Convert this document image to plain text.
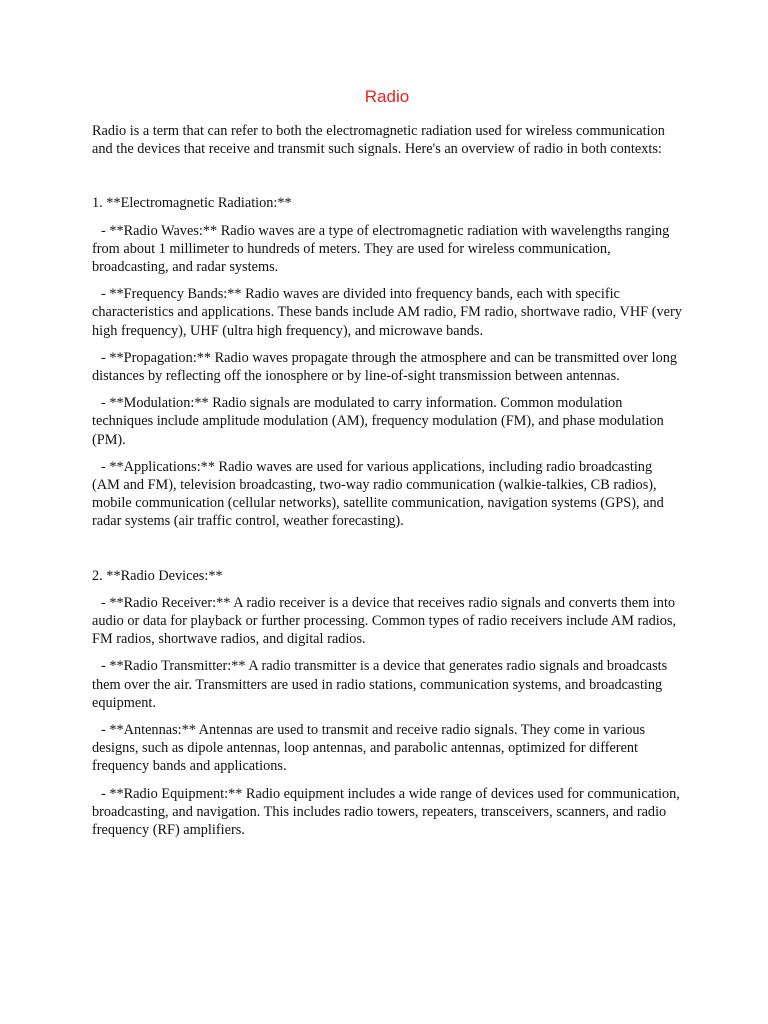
Radio

Radio is a term that can refer to both the electromagnetic radiation used for wireless communication and the devices that receive and transmit such signals. Here's an overview of radio in both contexts:

1. **Electromagnetic Radiation:**

- **Radio Waves:** Radio waves are a type of electromagnetic radiation with wavelengths ranging from about 1 millimeter to hundreds of meters. They are used for wireless communication, broadcasting, and radar systems.

- **Frequency Bands:** Radio waves are divided into frequency bands, each with specific characteristics and applications. These bands include AM radio, FM radio, shortwave radio, VHF (very high frequency), UHF (ultra high frequency), and microwave bands.

- **Propagation:** Radio waves propagate through the atmosphere and can be transmitted over long distances by reflecting off the ionosphere or by line-of-sight transmission between antennas.

- **Modulation:** Radio signals are modulated to carry information. Common modulation techniques include amplitude modulation (AM), frequency modulation (FM), and phase modulation (PM).

- **Applications:** Radio waves are used for various applications, including radio broadcasting (AM and FM), television broadcasting, two-way radio communication (walkie-talkies, CB radios), mobile communication (cellular networks), satellite communication, navigation systems (GPS), and radar systems (air traffic control, weather forecasting).

2. **Radio Devices:**

- **Radio Receiver:** A radio receiver is a device that receives radio signals and converts them into audio or data for playback or further processing. Common types of radio receivers include AM radios, FM radios, shortwave radios, and digital radios.

- **Radio Transmitter:** A radio transmitter is a device that generates radio signals and broadcasts them over the air. Transmitters are used in radio stations, communication systems, and broadcasting equipment.

- **Antennas:** Antennas are used to transmit and receive radio signals. They come in various designs, such as dipole antennas, loop antennas, and parabolic antennas, optimized for different frequency bands and applications.

- **Radio Equipment:** Radio equipment includes a wide range of devices used for communication, broadcasting, and navigation. This includes radio towers, repeaters, transceivers, scanners, and radio frequency (RF) amplifiers.
